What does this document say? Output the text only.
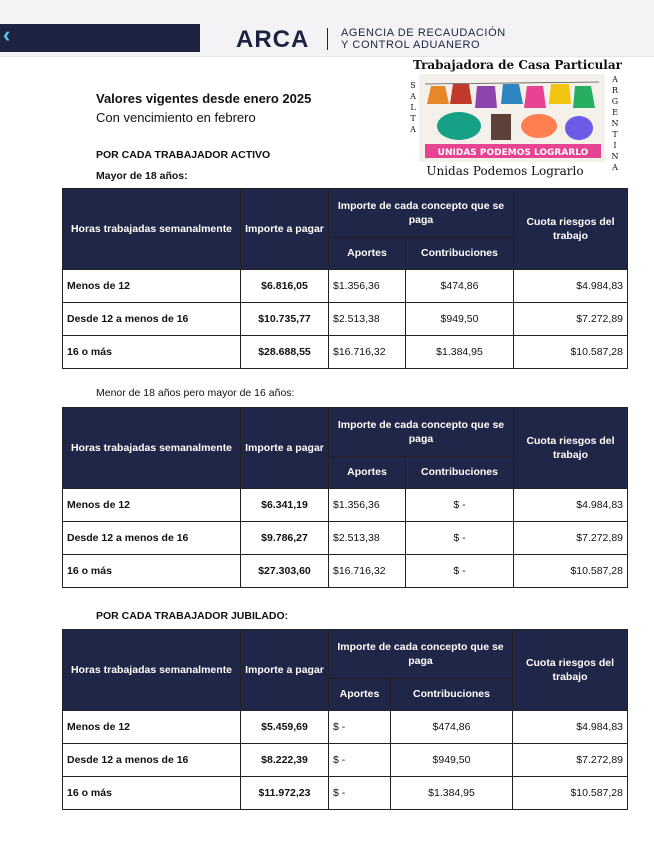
‹	ARCA	AGENCIA DE RECAUDACIÓN
Y CONTROL ADUANERO
Trabajadora de Casa Particular
S
A
L
T
A
A
R
G
E
N
T
I
N
A
UNIDAS PODEMOS LOGRARLO
Unidas Podemos Lograrlo
Valores vigentes desde enero 2025
Con vencimiento en febrero
POR CADA TRABAJADOR ACTIVO
Mayor de 18 años:
Horas trabajadas semanalmente	Importe a pagar	Importe de cada concepto que se paga		Cuota riesgos del trabajo
		Aportes	Contribuciones	
Menos de 12	$6.816,05	$1.356,36	$474,86	$4.984,83
Desde 12 a menos de 16	$10.735,77	$2.513,38	$949,50	$7.272,89
16 o más	$28.688,55	$16.716,32	$1.384,95	$10.587,28
Menor de 18 años pero mayor de 16 años:
Horas trabajadas semanalmente	Importe a pagar	Importe de cada concepto que se paga		Cuota riesgos del trabajo
		Aportes	Contribuciones	
Menos de 12	$6.341,19	$1.356,36	$ -	$4.984,83
Desde 12 a menos de 16	$9.786,27	$2.513,38	$ -	$7.272,89
16 o más	$27.303,60	$16.716,32	$ -	$10.587,28
POR CADA TRABAJADOR JUBILADO:
Horas trabajadas semanalmente	Importe a pagar	Importe de cada concepto que se paga		Cuota riesgos del trabajo
		Aportes	Contribuciones	
Menos de 12	$5.459,69	$ -	$474,86	$4.984,83
Desde 12 a menos de 16	$8.222,39	$ -	$949,50	$7.272,89
16 o más	$11.972,23	$ -	$1.384,95	$10.587,28
